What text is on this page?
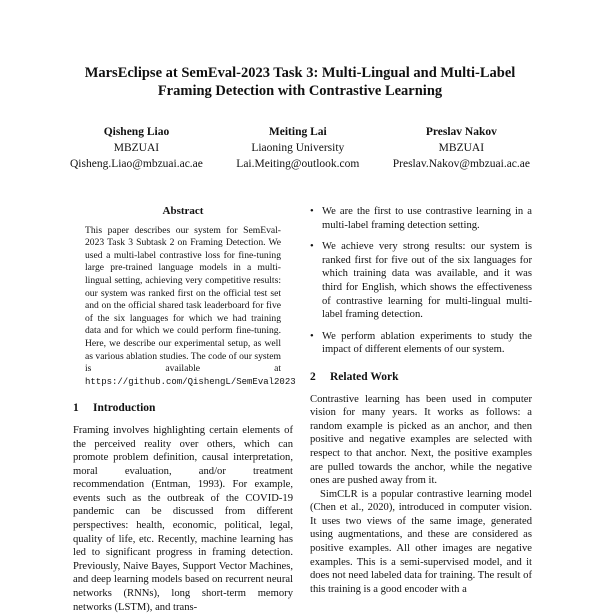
MarsEclipse at SemEval-2023 Task 3: Multi-Lingual and Multi-Label
Framing Detection with Contrastive Learning
Qisheng Liao
MBZUAI
Qisheng.Liao@mbzuai.ac.ae
Meiting Lai
Liaoning University
Lai.Meiting@outlook.com
Preslav Nakov
MBZUAI
Preslav.Nakov@mbzuai.ac.ae
Abstract
This paper describes our system for SemEval-2023 Task 3 Subtask 2 on Framing Detection. We used a multi-label contrastive loss for fine-tuning large pre-trained language models in a multi-lingual setting, achieving very competitive results: our system was ranked first on the official test set and on the official shared task leaderboard for five of the six languages for which we had training data and for which we could perform fine-tuning. Here, we describe our experimental setup, as well as various ablation studies. The code of our system is available at https://github.com/QishengL/SemEval2023
1 Introduction

Framing involves highlighting certain elements of the perceived reality over others, which can promote problem definition, causal interpretation, moral evaluation, and/or treatment recommendation (Entman, 1993). For example, events such as the outbreak of the COVID-19 pandemic can be discussed from different perspectives: health, economic, political, legal, quality of life, etc. Recently, machine learning has led to significant progress in framing detection. Previously, Naive Bayes, Support Vector Machines, and deep learning models based on recurrent neural networks (RNNs), long short-term memory networks (LSTM), and trans-

• We are the first to use contrastive learning in a multi-label framing detection setting.
• We achieve very strong results: our system is ranked first for five out of the six languages for which training data was available, and it was third for English, which shows the effectiveness of contrastive learning for multi-lingual multi-label framing detection.
• We perform ablation experiments to study the impact of different elements of our system.
2 Related Work

Contrastive learning has been used in computer vision for many years. It works as follows: a random example is picked as an anchor, and then positive and negative examples are selected with respect to that anchor. Next, the positive examples are pulled towards the anchor, while the negative ones are pushed away from it.

SimCLR is a popular contrastive learning model (Chen et al., 2020), introduced in computer vision. It uses two views of the same image, generated using augmentations, and these are considered as positive examples. All other images are negative examples. This is a semi-supervised model, and it does not need labeled data for training. The result of this training is a good encoder with a
